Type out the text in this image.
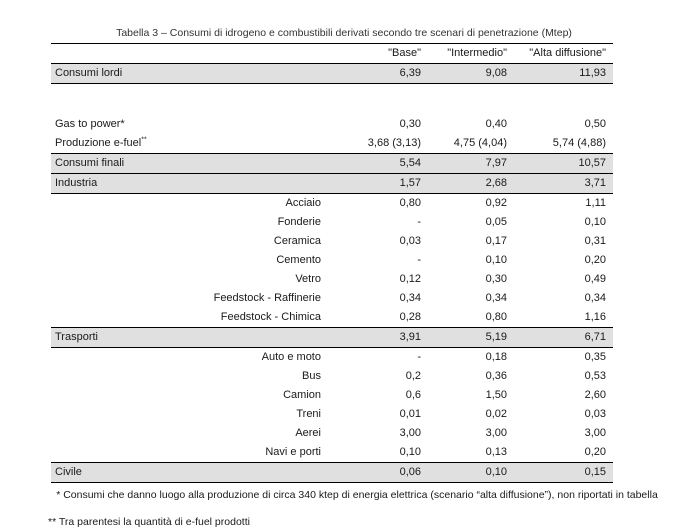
Tabella 3 – Consumi di idrogeno e combustibili derivati secondo tre scenari di penetrazione (Mtep)
"Base" "Intermedio" "Alta diffusione"
Consumi lordi	6,39	9,08	11,93
Gas to power*	0,30	0,40	0,50
Produzione e-fuel**	3,68 (3,13)	4,75 (4,04)	5,74 (4,88)
Consumi finali	5,54	7,97	10,57
Industria	1,57	2,68	3,71
Acciaio	0,80	0,92	1,11
Fonderie	-	0,05	0,10
Ceramica	0,03	0,17	0,31
Cemento	-	0,10	0,20
Vetro	0,12	0,30	0,49
Feedstock - Raffinerie	0,34	0,34	0,34
Feedstock - Chimica	0,28	0,80	1,16
Trasporti	3,91	5,19	6,71
Auto e moto	-	0,18	0,35
Bus	0,2	0,36	0,53
Camion	0,6	1,50	2,60
Treni	0,01	0,02	0,03
Aerei	3,00	3,00	3,00
Navi e porti	0,10	0,13	0,20
Civile	0,06	0,10	0,15
* Consumi che danno luogo alla produzione di circa 340 ktep di energia elettrica (scenario “alta diffusione”), non riportati in tabella
** Tra parentesi la quantità di e-fuel prodotti
